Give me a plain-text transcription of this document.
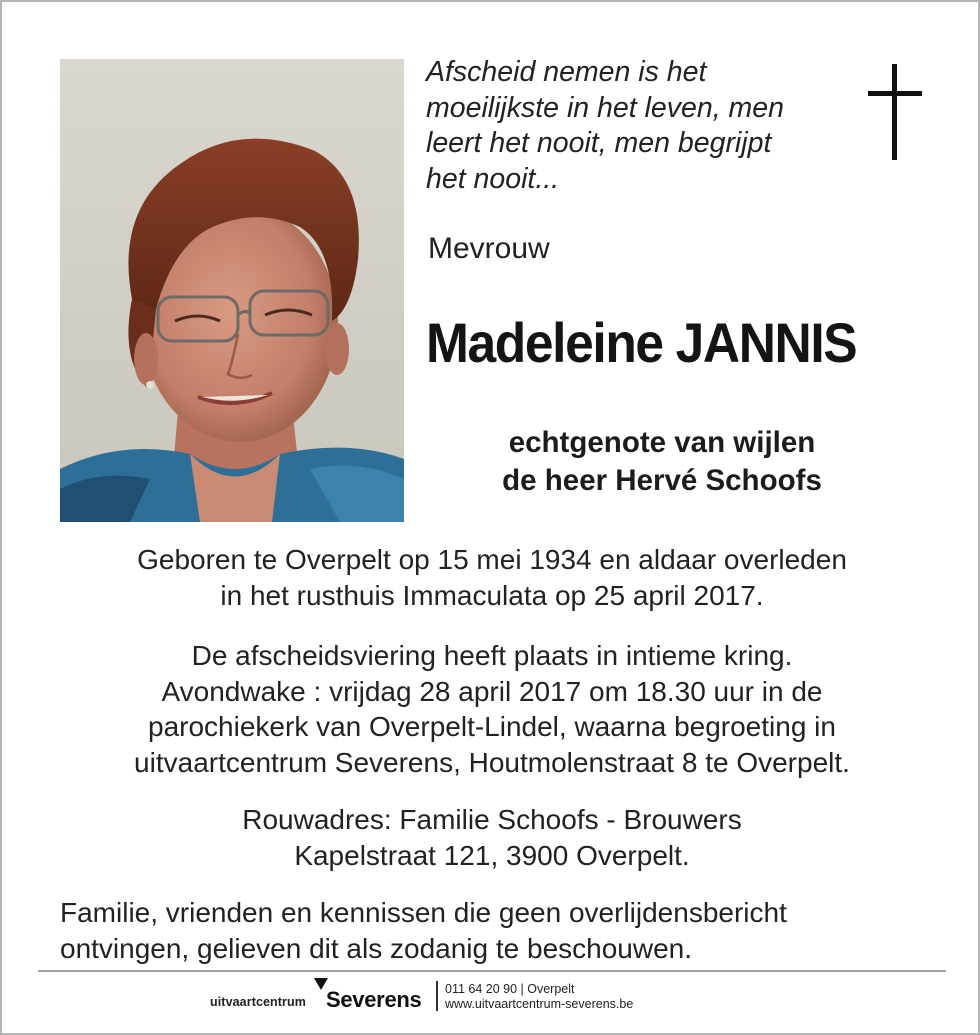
Afscheid nemen is het
moeilijkste in het leven, men
leert het nooit, men begrijpt
het nooit...
Mevrouw
Madeleine JANNIS
echtgenote van wijlen
de heer Hervé Schoofs
Geboren te Overpelt op 15 mei 1934 en aldaar overleden
in het rusthuis Immaculata op 25 april 2017.
De afscheidsviering heeft plaats in intieme kring.
Avondwake : vrijdag 28 april 2017 om 18.30 uur in de
parochiekerk van Overpelt-Lindel, waarna begroeting in
uitvaartcentrum Severens, Houtmolenstraat 8 te Overpelt.
Rouwadres: Familie Schoofs - Brouwers
Kapelstraat 121, 3900 Overpelt.
Familie, vrienden en kennissen die geen overlijdensbericht
ontvingen, gelieven dit als zodanig te beschouwen.
uitvaartcentrum Severens 011 64 20 90 | Overpelt
www.uitvaartcentrum-severens.be
